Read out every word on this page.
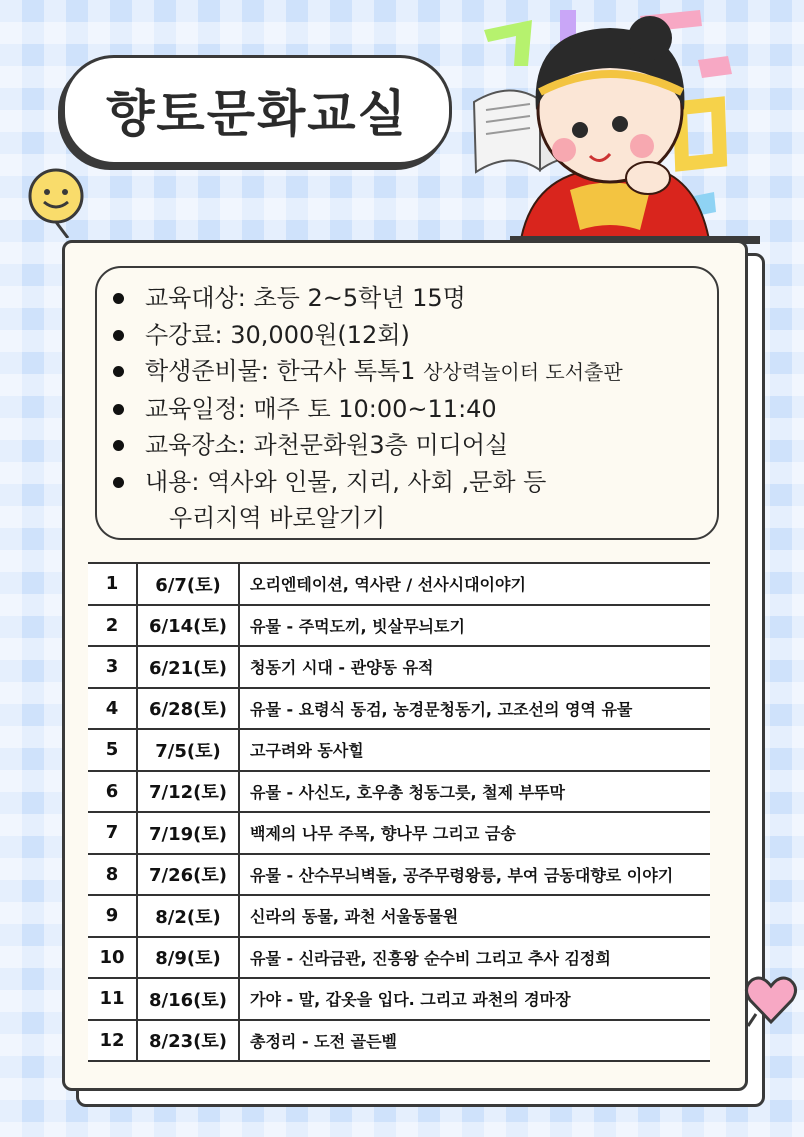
향토문화교실
교육대상: 초등 2~5학년 15명
수강료: 30,000원(12회)
학생준비물: 한국사 톡톡1 상상력놀이터 도서출판
교육일정: 매주 토 10:00~11:40
교육장소: 과천문화원3층 미디어실
내용: 역사와 인물, 지리, 사회 ,문화 등
우리지역 바로알기기
1	6/7(토)	오리엔테이션, 역사란 / 선사시대이야기
2	6/14(토)	유물 - 주먹도끼, 빗살무늬토기
3	6/21(토)	청동기 시대 - 관양동 유적
4	6/28(토)	유물 - 요령식 동검, 농경문청동기, 고조선의 영역 유물
5	7/5(토)	고구려와 동사힐
6	7/12(토)	유물 - 사신도, 호우총 청동그릇, 철제 부뚜막
7	7/19(토)	백제의 나무 주목, 향나무 그리고 금송
8	7/26(토)	유물 - 산수무늬벽돌, 공주무령왕릉, 부여 금동대향로 이야기
9	8/2(토)	신라의 동물, 과천 서울동물원
10	8/9(토)	유물 - 신라금관, 진흥왕 순수비 그리고 추사 김정희
11	8/16(토)	가야 - 말, 갑옷을 입다. 그리고 과천의 경마장
12	8/23(토)	총정리 - 도전 골든벨
